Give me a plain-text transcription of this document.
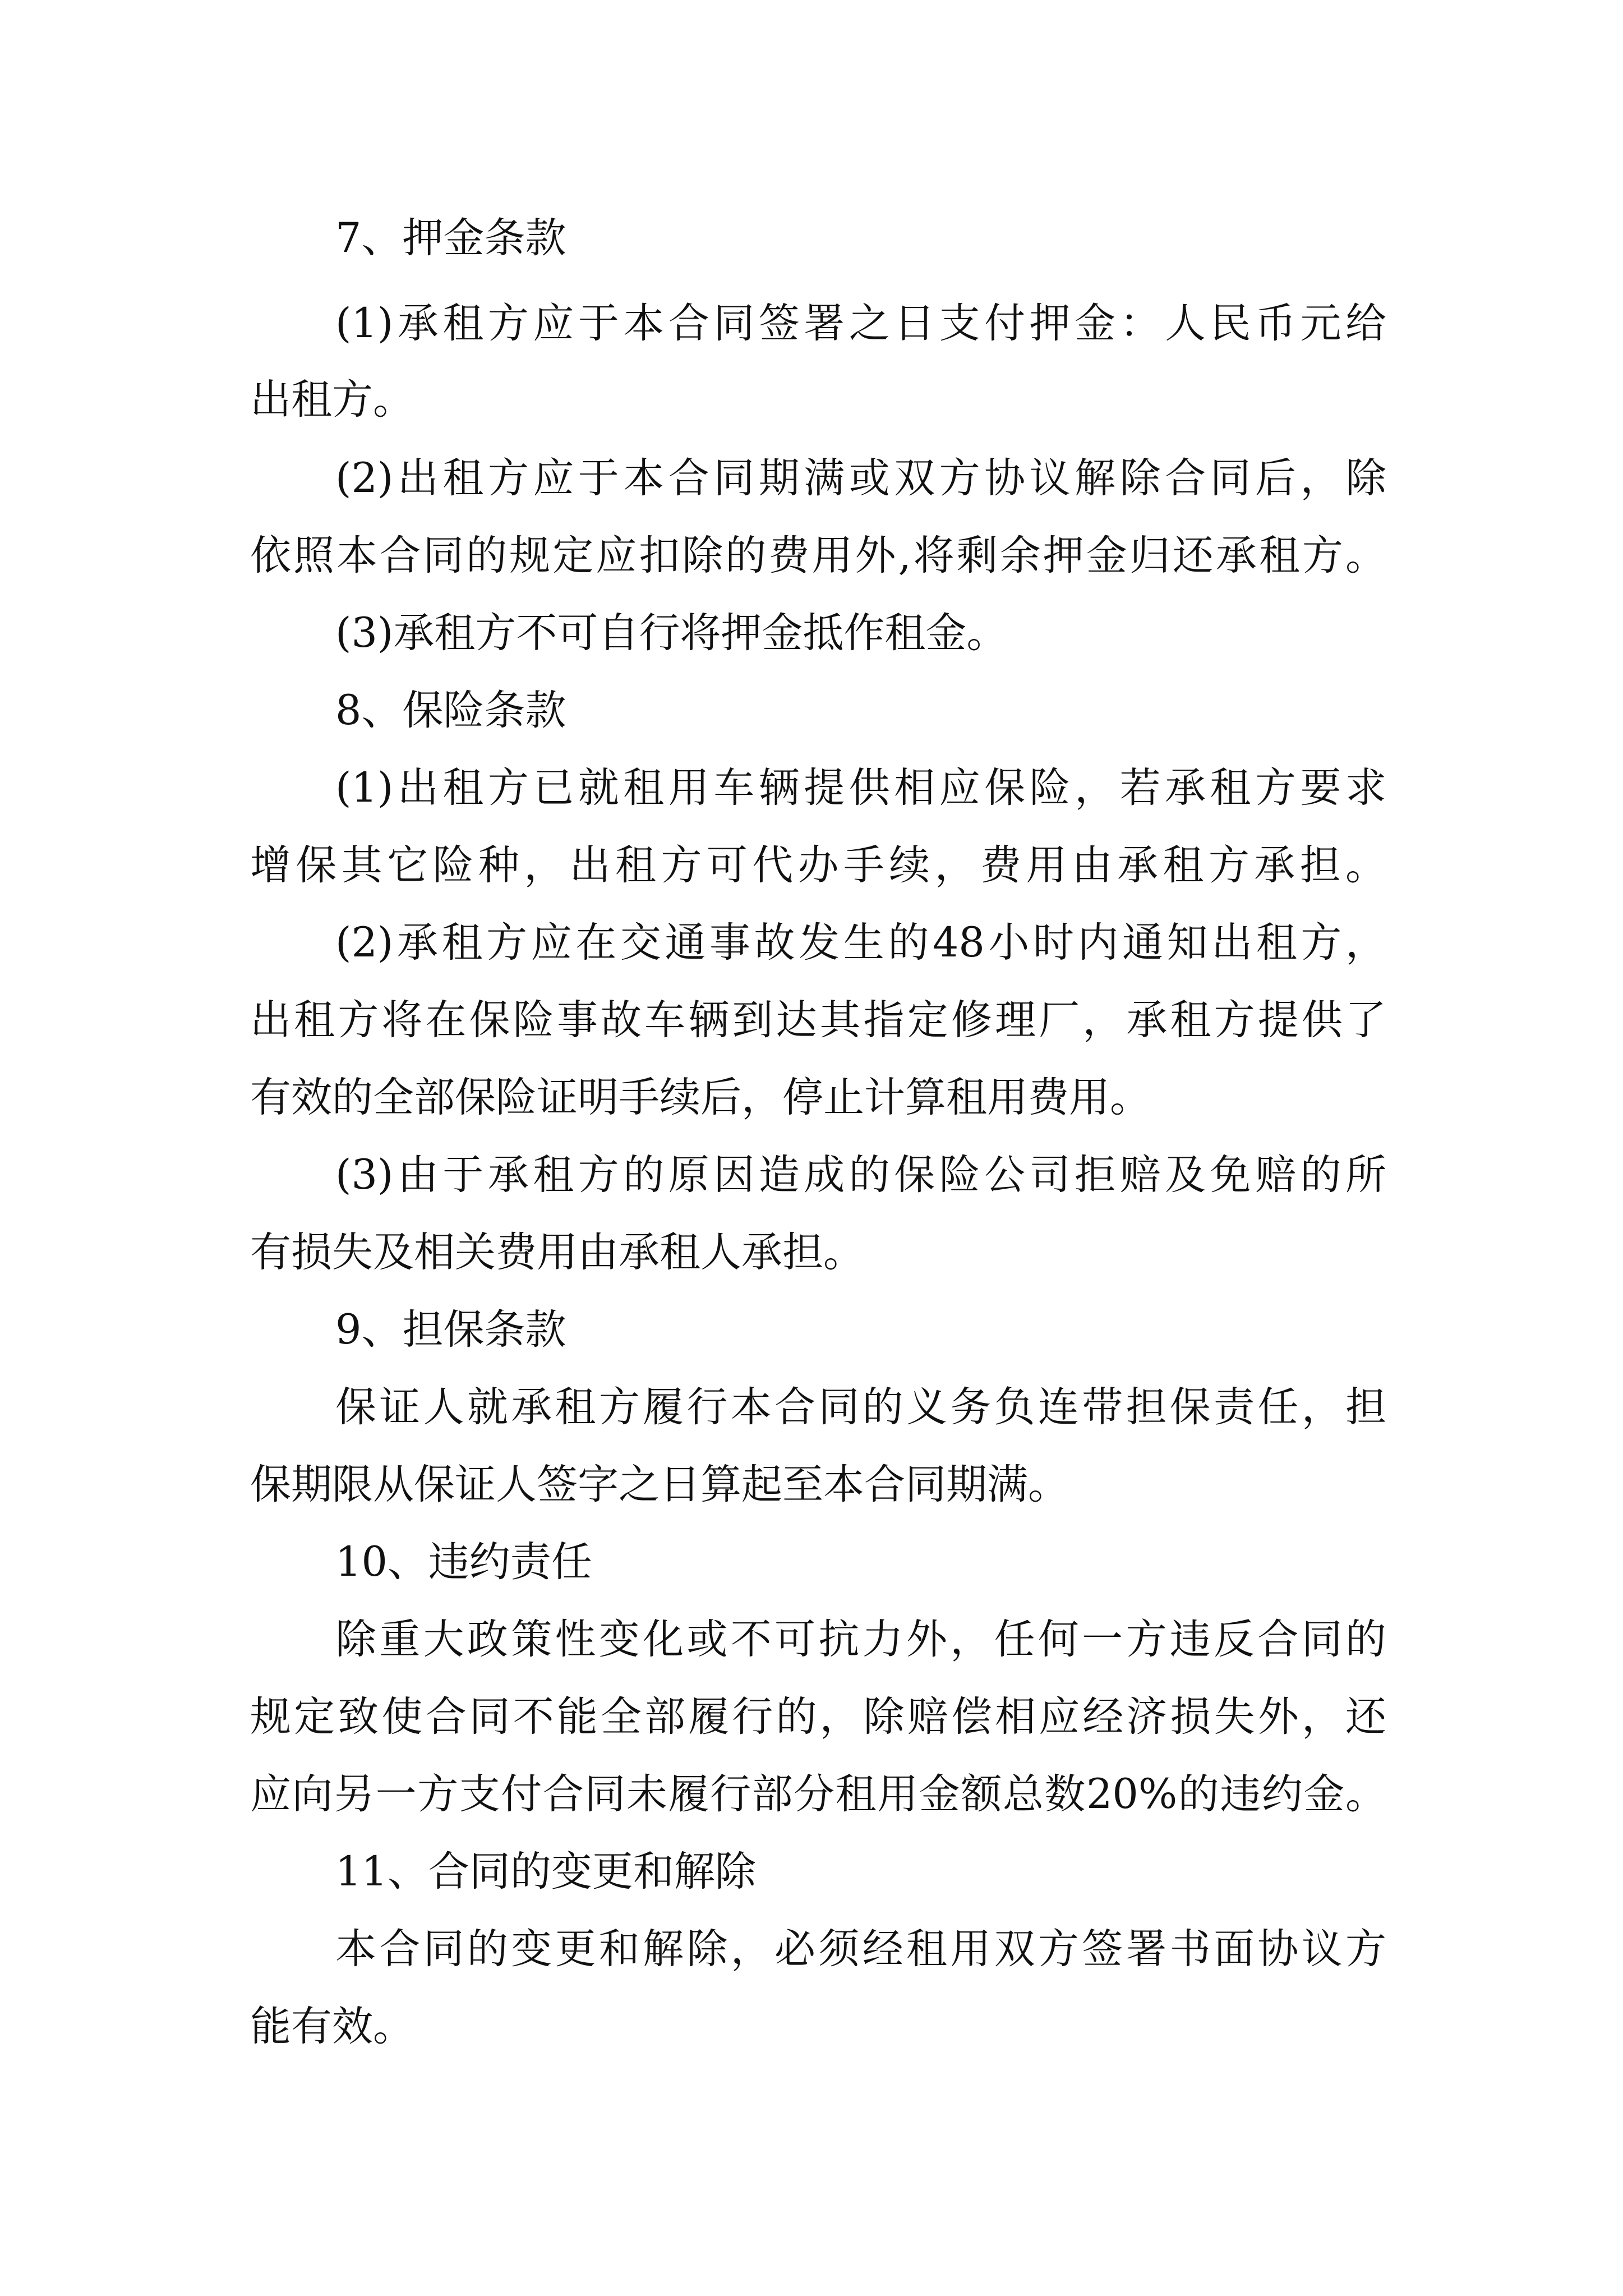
7、押金条款

(1)承租方应于本合同签署之日支付押金：人民币元给

出租方。

(2)出租方应于本合同期满或双方协议解除合同后，除

依照本合同的规定应扣除的费用外,将剩余押金归还承租方。

(3)承租方不可自行将押金抵作租金。

8、保险条款

(1)出租方已就租用车辆提供相应保险，若承租方要求

增保其它险种，出租方可代办手续，费用由承租方承担。

(2)承租方应在交通事故发生的48小时内通知出租方，

出租方将在保险事故车辆到达其指定修理厂，承租方提供了

有效的全部保险证明手续后，停止计算租用费用。

(3)由于承租方的原因造成的保险公司拒赔及免赔的所

有损失及相关费用由承租人承担。

9、担保条款

保证人就承租方履行本合同的义务负连带担保责任，担

保期限从保证人签字之日算起至本合同期满。

10、违约责任

除重大政策性变化或不可抗力外，任何一方违反合同的

规定致使合同不能全部履行的，除赔偿相应经济损失外，还

应向另一方支付合同未履行部分租用金额总数20%的违约金。

11、合同的变更和解除

本合同的变更和解除，必须经租用双方签署书面协议方

能有效。
